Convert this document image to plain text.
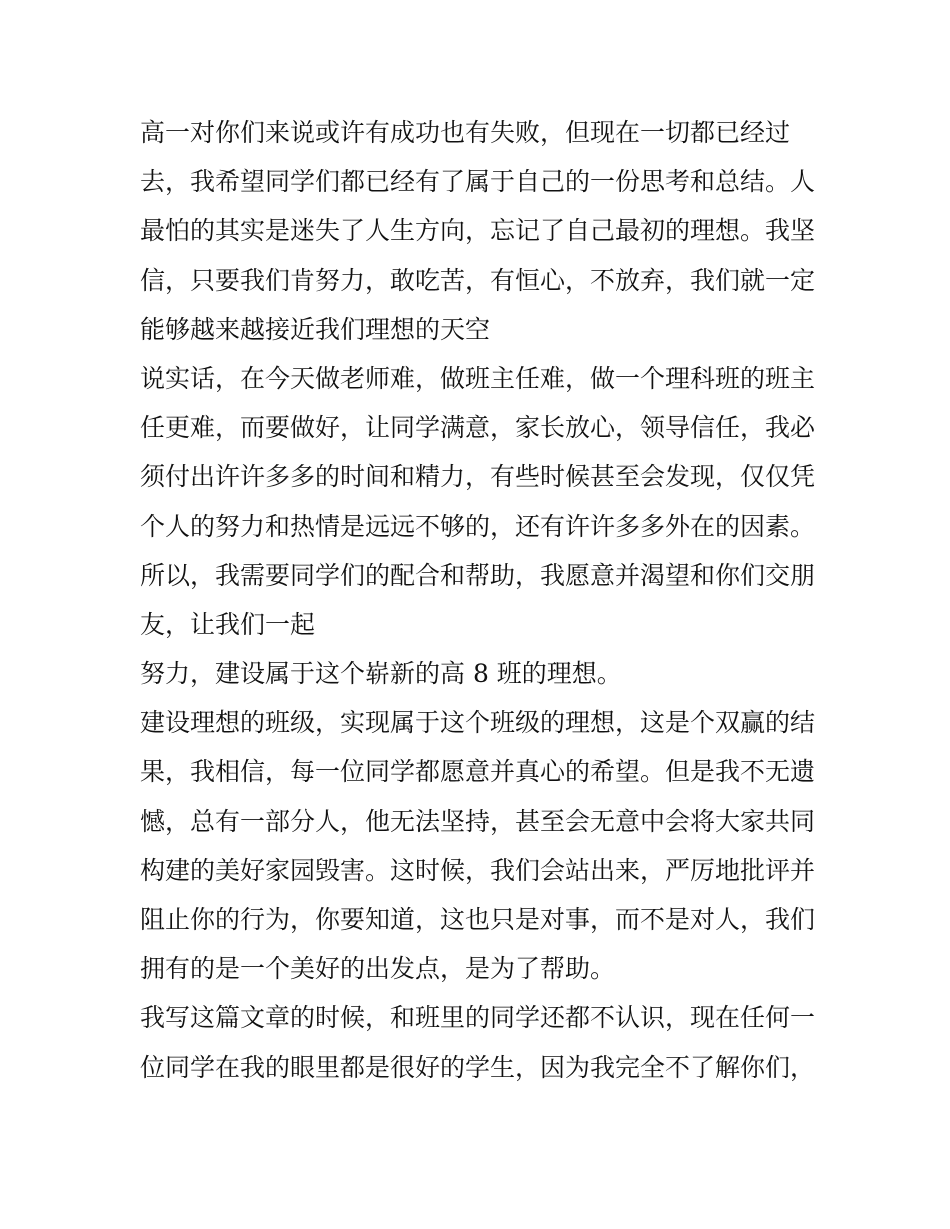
高一对你们来说或许有成功也有失败，但现在一切都已经过
去，我希望同学们都已经有了属于自己的一份思考和总结。人
最怕的其实是迷失了人生方向，忘记了自己最初的理想。我坚
信，只要我们肯努力，敢吃苦，有恒心，不放弃，我们就一定
能够越来越接近我们理想的天空
说实话，在今天做老师难，做班主任难，做一个理科班的班主
任更难，而要做好，让同学满意，家长放心，领导信任，我必
须付出许许多多的时间和精力，有些时候甚至会发现，仅仅凭
个人的努力和热情是远远不够的，还有许许多多外在的因素。
所以，我需要同学们的配合和帮助，我愿意并渴望和你们交朋
友，让我们一起
努力，建设属于这个崭新的高 8 班的理想。
建设理想的班级，实现属于这个班级的理想，这是个双赢的结
果，我相信，每一位同学都愿意并真心的希望。但是我不无遗
憾，总有一部分人，他无法坚持，甚至会无意中会将大家共同
构建的美好家园毁害。这时候，我们会站出来，严厉地批评并
阻止你的行为，你要知道，这也只是对事，而不是对人，我们
拥有的是一个美好的出发点，是为了帮助。
我写这篇文章的时候，和班里的同学还都不认识，现在任何一
位同学在我的眼里都是很好的学生，因为我完全不了解你们，
